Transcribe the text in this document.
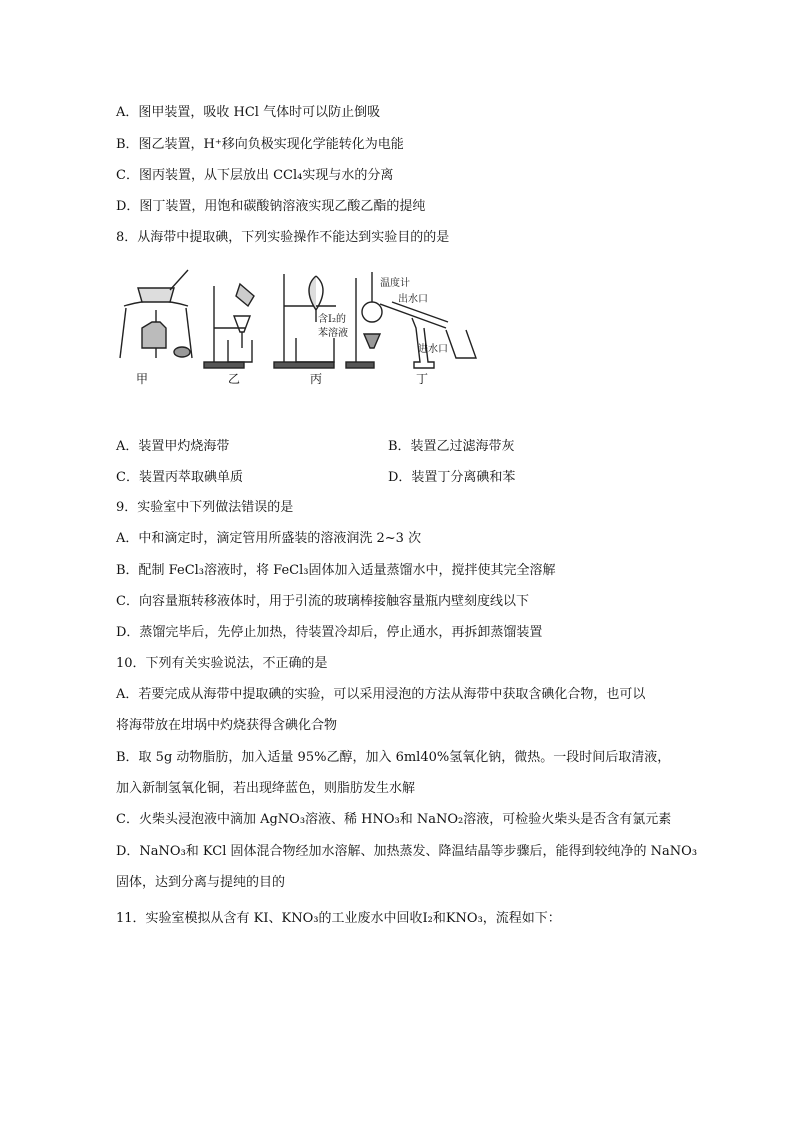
A．图甲装置，吸收 HCl 气体时可以防止倒吸
B．图乙装置，H⁺移向负极实现化学能转化为电能
C．图丙装置，从下层放出 CCl₄实现与水的分离
D．图丁装置，用饱和碳酸钠溶液实现乙酸乙酯的提纯
8．从海带中提取碘，下列实验操作不能达到实验目的的是
温度计
出水口
含I₂的
苯溶液
进水口
甲	乙	丙	丁
A．装置甲灼烧海带	B．装置乙过滤海带灰
C．装置丙萃取碘单质	D．装置丁分离碘和苯
9．实验室中下列做法错误的是
A．中和滴定时，滴定管用所盛装的溶液润洗 2~3 次
B．配制 FeCl₃溶液时，将 FeCl₃固体加入适量蒸馏水中，搅拌使其完全溶解
C．向容量瓶转移液体时，用于引流的玻璃棒接触容量瓶内壁刻度线以下
D．蒸馏完毕后，先停止加热，待装置冷却后，停止通水，再拆卸蒸馏装置
10．下列有关实验说法，不正确的是
A．若要完成从海带中提取碘的实验，可以采用浸泡的方法从海带中获取含碘化合物，也可以
将海带放在坩埚中灼烧获得含碘化合物
B．取 5g 动物脂肪，加入适量 95%乙醇，加入 6ml40%氢氧化钠，微热。一段时间后取清液，
加入新制氢氧化铜，若出现绛蓝色，则脂肪发生水解
C．火柴头浸泡液中滴加 AgNO₃溶液、稀 HNO₃和 NaNO₂溶液，可检验火柴头是否含有氯元素
D．NaNO₃和 KCl 固体混合物经加水溶解、加热蒸发、降温结晶等步骤后，能得到较纯净的 NaNO₃
固体，达到分离与提纯的目的
11．实验室模拟从含有 KI、KNO₃的工业废水中回收I₂和KNO₃，流程如下：
